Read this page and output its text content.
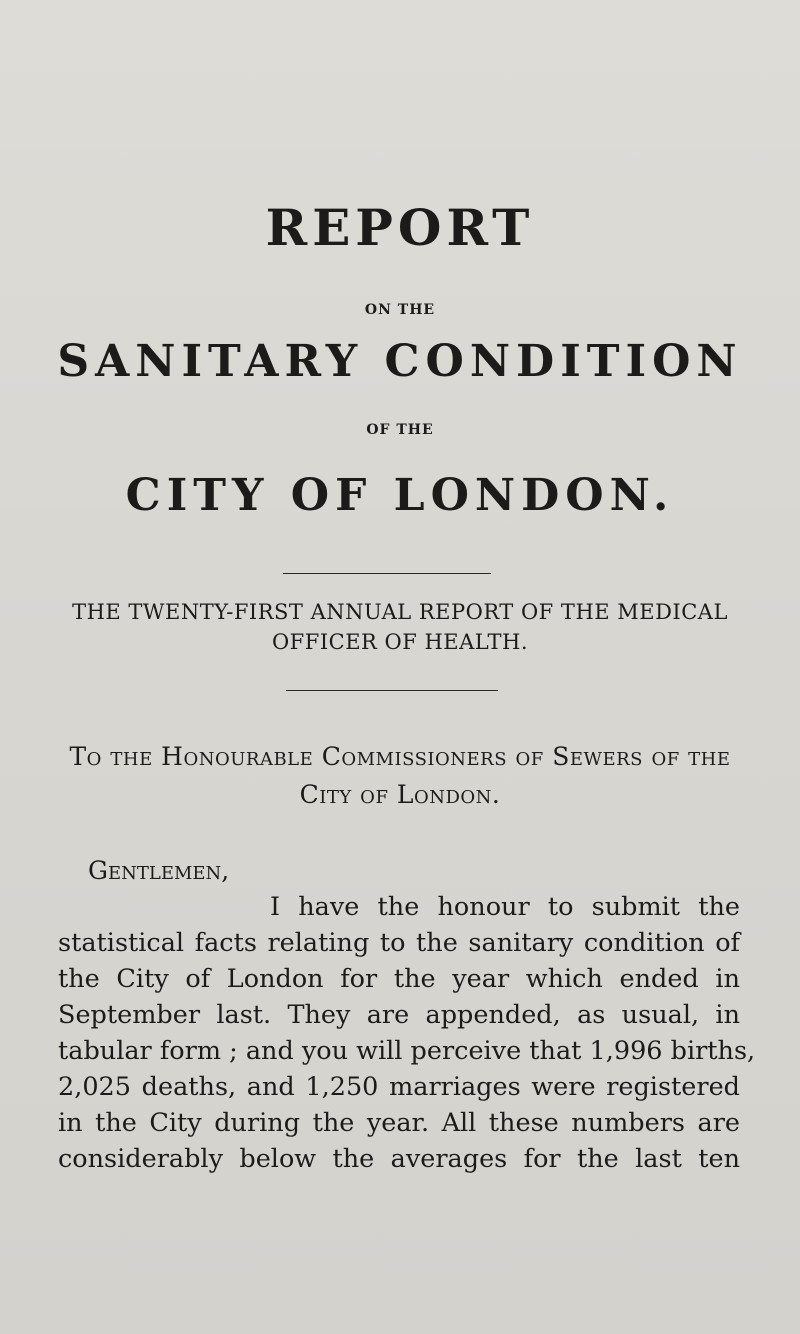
REPORT
ON THE
SANITARY CONDITION
OF THE
CITY OF LONDON.
THE TWENTY-FIRST ANNUAL REPORT OF THE MEDICAL
OFFICER OF HEALTH.
To the Honourable Commissioners of Sewers of the
City of London.
Gentlemen,
I have the honour to submit the
statistical facts relating to the sanitary condition of
the City of London for the year which ended in
September last. They are appended, as usual, in
tabular form ; and you will perceive that 1,996 births,
2,025 deaths, and 1,250 marriages were registered
in the City during the year. All these numbers are
considerably below the averages for the last ten
